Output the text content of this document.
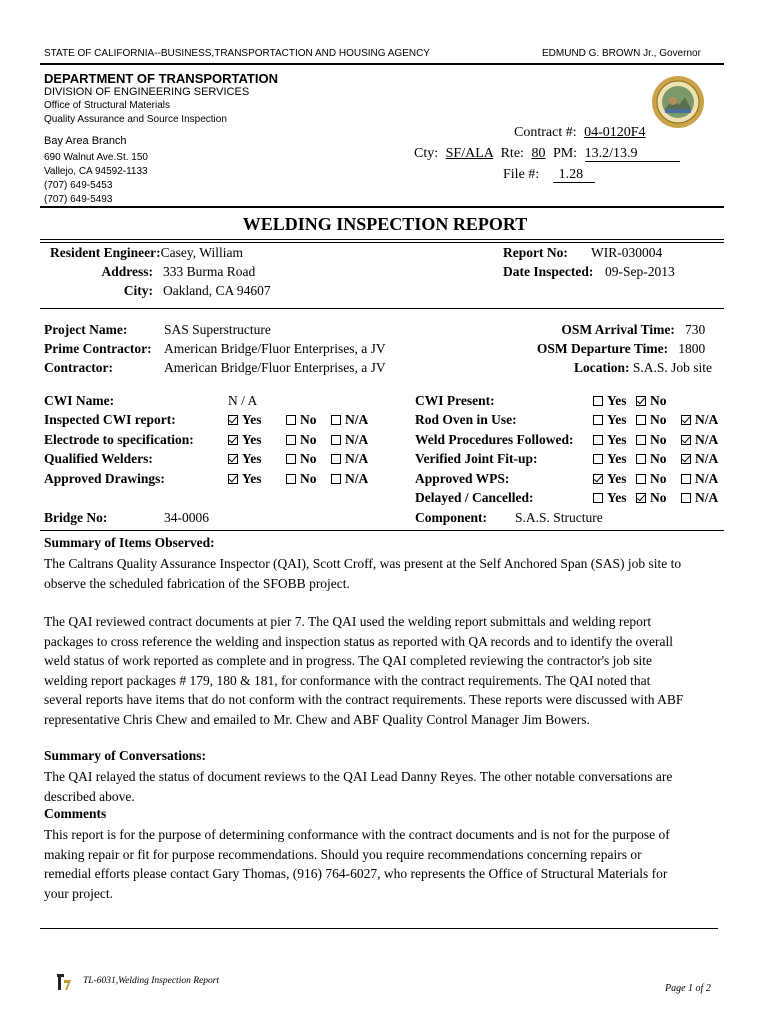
STATE OF CALIFORNIA--BUSINESS,TRANSPORTACTION AND HOUSING AGENCY	EDMUND G. BROWN Jr., Governor
DEPARTMENT OF TRANSPORTATION
DIVISION OF ENGINEERING SERVICES
Office of Structural Materials
Quality Assurance and Source Inspection
Bay Area Branch
690 Walnut Ave.St. 150
Vallejo, CA 94592-1133
(707) 649-5453
(707) 649-5493
Contract #: 04-0120F4
Cty: SF/ALA Rte: 80 PM: 13.2/13.9
File #: 1.28
WELDING INSPECTION REPORT
Resident Engineer:Casey, William
Address: 333 Burma Road
City: Oakland, CA 94607
Report No: WIR-030004
Date Inspected: 09-Sep-2013
Project Name:	SAS Superstructure
Prime Contractor: American Bridge/Fluor Enterprises, a JV
Contractor:	American Bridge/Fluor Enterprises, a JV
OSM Arrival Time: 730
OSM Departure Time: 1800
Location: S.A.S. Job site
CWI Name:	N / A
Inspected CWI report:	Yes	No	N/A
Electrode to specification:	Yes	No	N/A
Qualified Welders:	Yes	No	N/A
Approved Drawings:	Yes	No	N/A
CWI Present:	Yes	No
Rod Oven in Use:	Yes	No	N/A
Weld Procedures Followed:	Yes	No	N/A
Verified Joint Fit-up:	Yes	No	N/A
Approved WPS:	Yes	No	N/A
Delayed / Cancelled:	Yes	No	N/A
Bridge No:	34-0006	Component: S.A.S. Structure
Summary of Items Observed:
The Caltrans Quality Assurance Inspector (QAI), Scott Croff, was present at the Self Anchored Span (SAS) job site to observe the scheduled fabrication of the SFOBB project.
The QAI reviewed contract documents at pier 7. The QAI used the welding report submittals and welding report packages to cross reference the welding and inspection status as reported with QA records and to identify the overall weld status of work reported as complete and in progress. The QAI completed reviewing the contractor's job site welding report packages # 179, 180 & 181, for conformance with the contract requirements. The QAI noted that several reports have items that do not conform with the contract requirements. These reports were discussed with ABF representative Chris Chew and emailed to Mr. Chew and ABF Quality Control Manager Jim Bowers.
Summary of Conversations:
The QAI relayed the status of document reviews to the QAI Lead Danny Reyes. The other notable conversations are described above.
Comments
This report is for the purpose of determining conformance with the contract documents and is not for the purpose of making repair or fit for purpose recommendations. Should you require recommendations concerning repairs or remedial efforts please contact Gary Thomas, (916) 764-6027, who represents the Office of Structural Materials for your project.
TL-6031,Welding Inspection Report
Page 1 of 2
